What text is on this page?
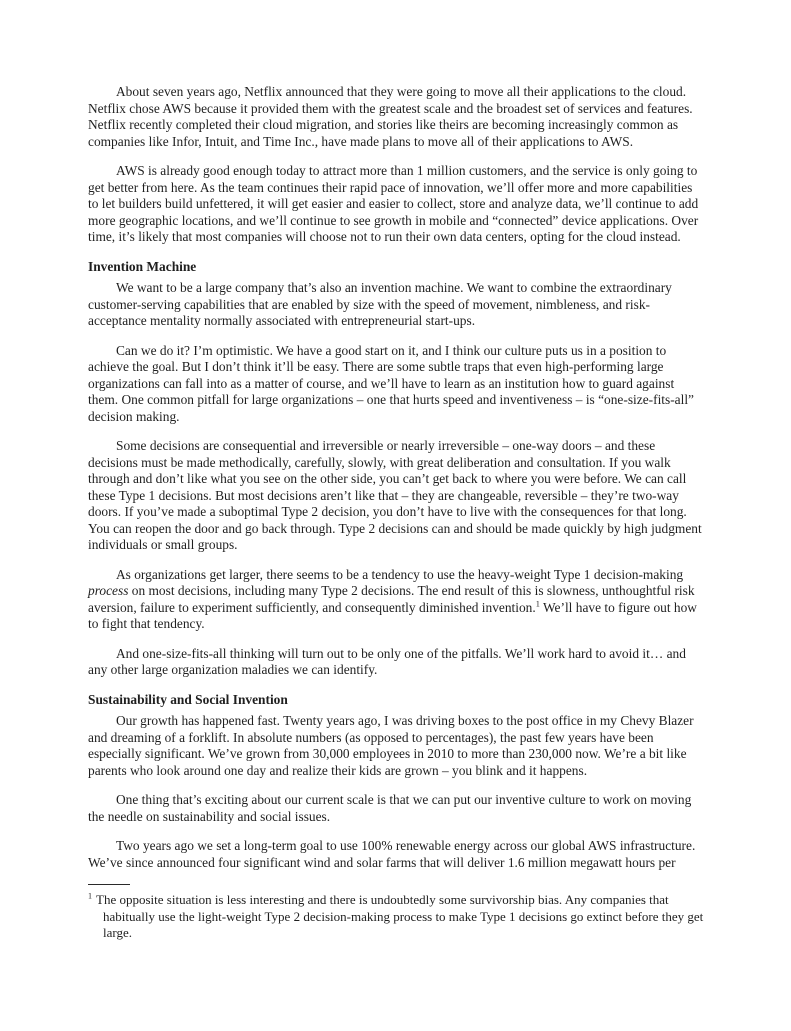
About seven years ago, Netflix announced that they were going to move all their applications to the cloud. Netflix chose AWS because it provided them with the greatest scale and the broadest set of services and features. Netflix recently completed their cloud migration, and stories like theirs are becoming increasingly common as companies like Infor, Intuit, and Time Inc., have made plans to move all of their applications to AWS.

AWS is already good enough today to attract more than 1 million customers, and the service is only going to get better from here. As the team continues their rapid pace of innovation, we’ll offer more and more capabilities to let builders build unfettered, it will get easier and easier to collect, store and analyze data, we’ll continue to add more geographic locations, and we’ll continue to see growth in mobile and “connected” device applications. Over time, it’s likely that most companies will choose not to run their own data centers, opting for the cloud instead.

Invention Machine

We want to be a large company that’s also an invention machine. We want to combine the extraordinary customer-serving capabilities that are enabled by size with the speed of movement, nimbleness, and risk-acceptance mentality normally associated with entrepreneurial start-ups.

Can we do it? I’m optimistic. We have a good start on it, and I think our culture puts us in a position to achieve the goal. But I don’t think it’ll be easy. There are some subtle traps that even high-performing large organizations can fall into as a matter of course, and we’ll have to learn as an institution how to guard against them. One common pitfall for large organizations – one that hurts speed and inventiveness – is “one-size-fits-all” decision making.

Some decisions are consequential and irreversible or nearly irreversible – one-way doors – and these decisions must be made methodically, carefully, slowly, with great deliberation and consultation. If you walk through and don’t like what you see on the other side, you can’t get back to where you were before. We can call these Type 1 decisions. But most decisions aren’t like that – they are changeable, reversible – they’re two-way doors. If you’ve made a suboptimal Type 2 decision, you don’t have to live with the consequences for that long. You can reopen the door and go back through. Type 2 decisions can and should be made quickly by high judgment individuals or small groups.

As organizations get larger, there seems to be a tendency to use the heavy-weight Type 1 decision-making process on most decisions, including many Type 2 decisions. The end result of this is slowness, unthoughtful risk aversion, failure to experiment sufficiently, and consequently diminished invention.$^1$ We’ll have to figure out how to fight that tendency.

And one-size-fits-all thinking will turn out to be only one of the pitfalls. We’ll work hard to avoid it… and any other large organization maladies we can identify.

Sustainability and Social Invention

Our growth has happened fast. Twenty years ago, I was driving boxes to the post office in my Chevy Blazer and dreaming of a forklift. In absolute numbers (as opposed to percentages), the past few years have been especially significant. We’ve grown from 30,000 employees in 2010 to more than 230,000 now. We’re a bit like parents who look around one day and realize their kids are grown – you blink and it happens.

One thing that’s exciting about our current scale is that we can put our inventive culture to work on moving the needle on sustainability and social issues.

Two years ago we set a long-term goal to use 100% renewable energy across our global AWS infrastructure. We’ve since announced four significant wind and solar farms that will deliver 1.6 million megawatt hours per

$^1$ The opposite situation is less interesting and there is undoubtedly some survivorship bias. Any companies that habitually use the light-weight Type 2 decision-making process to make Type 1 decisions go extinct before they get large.
